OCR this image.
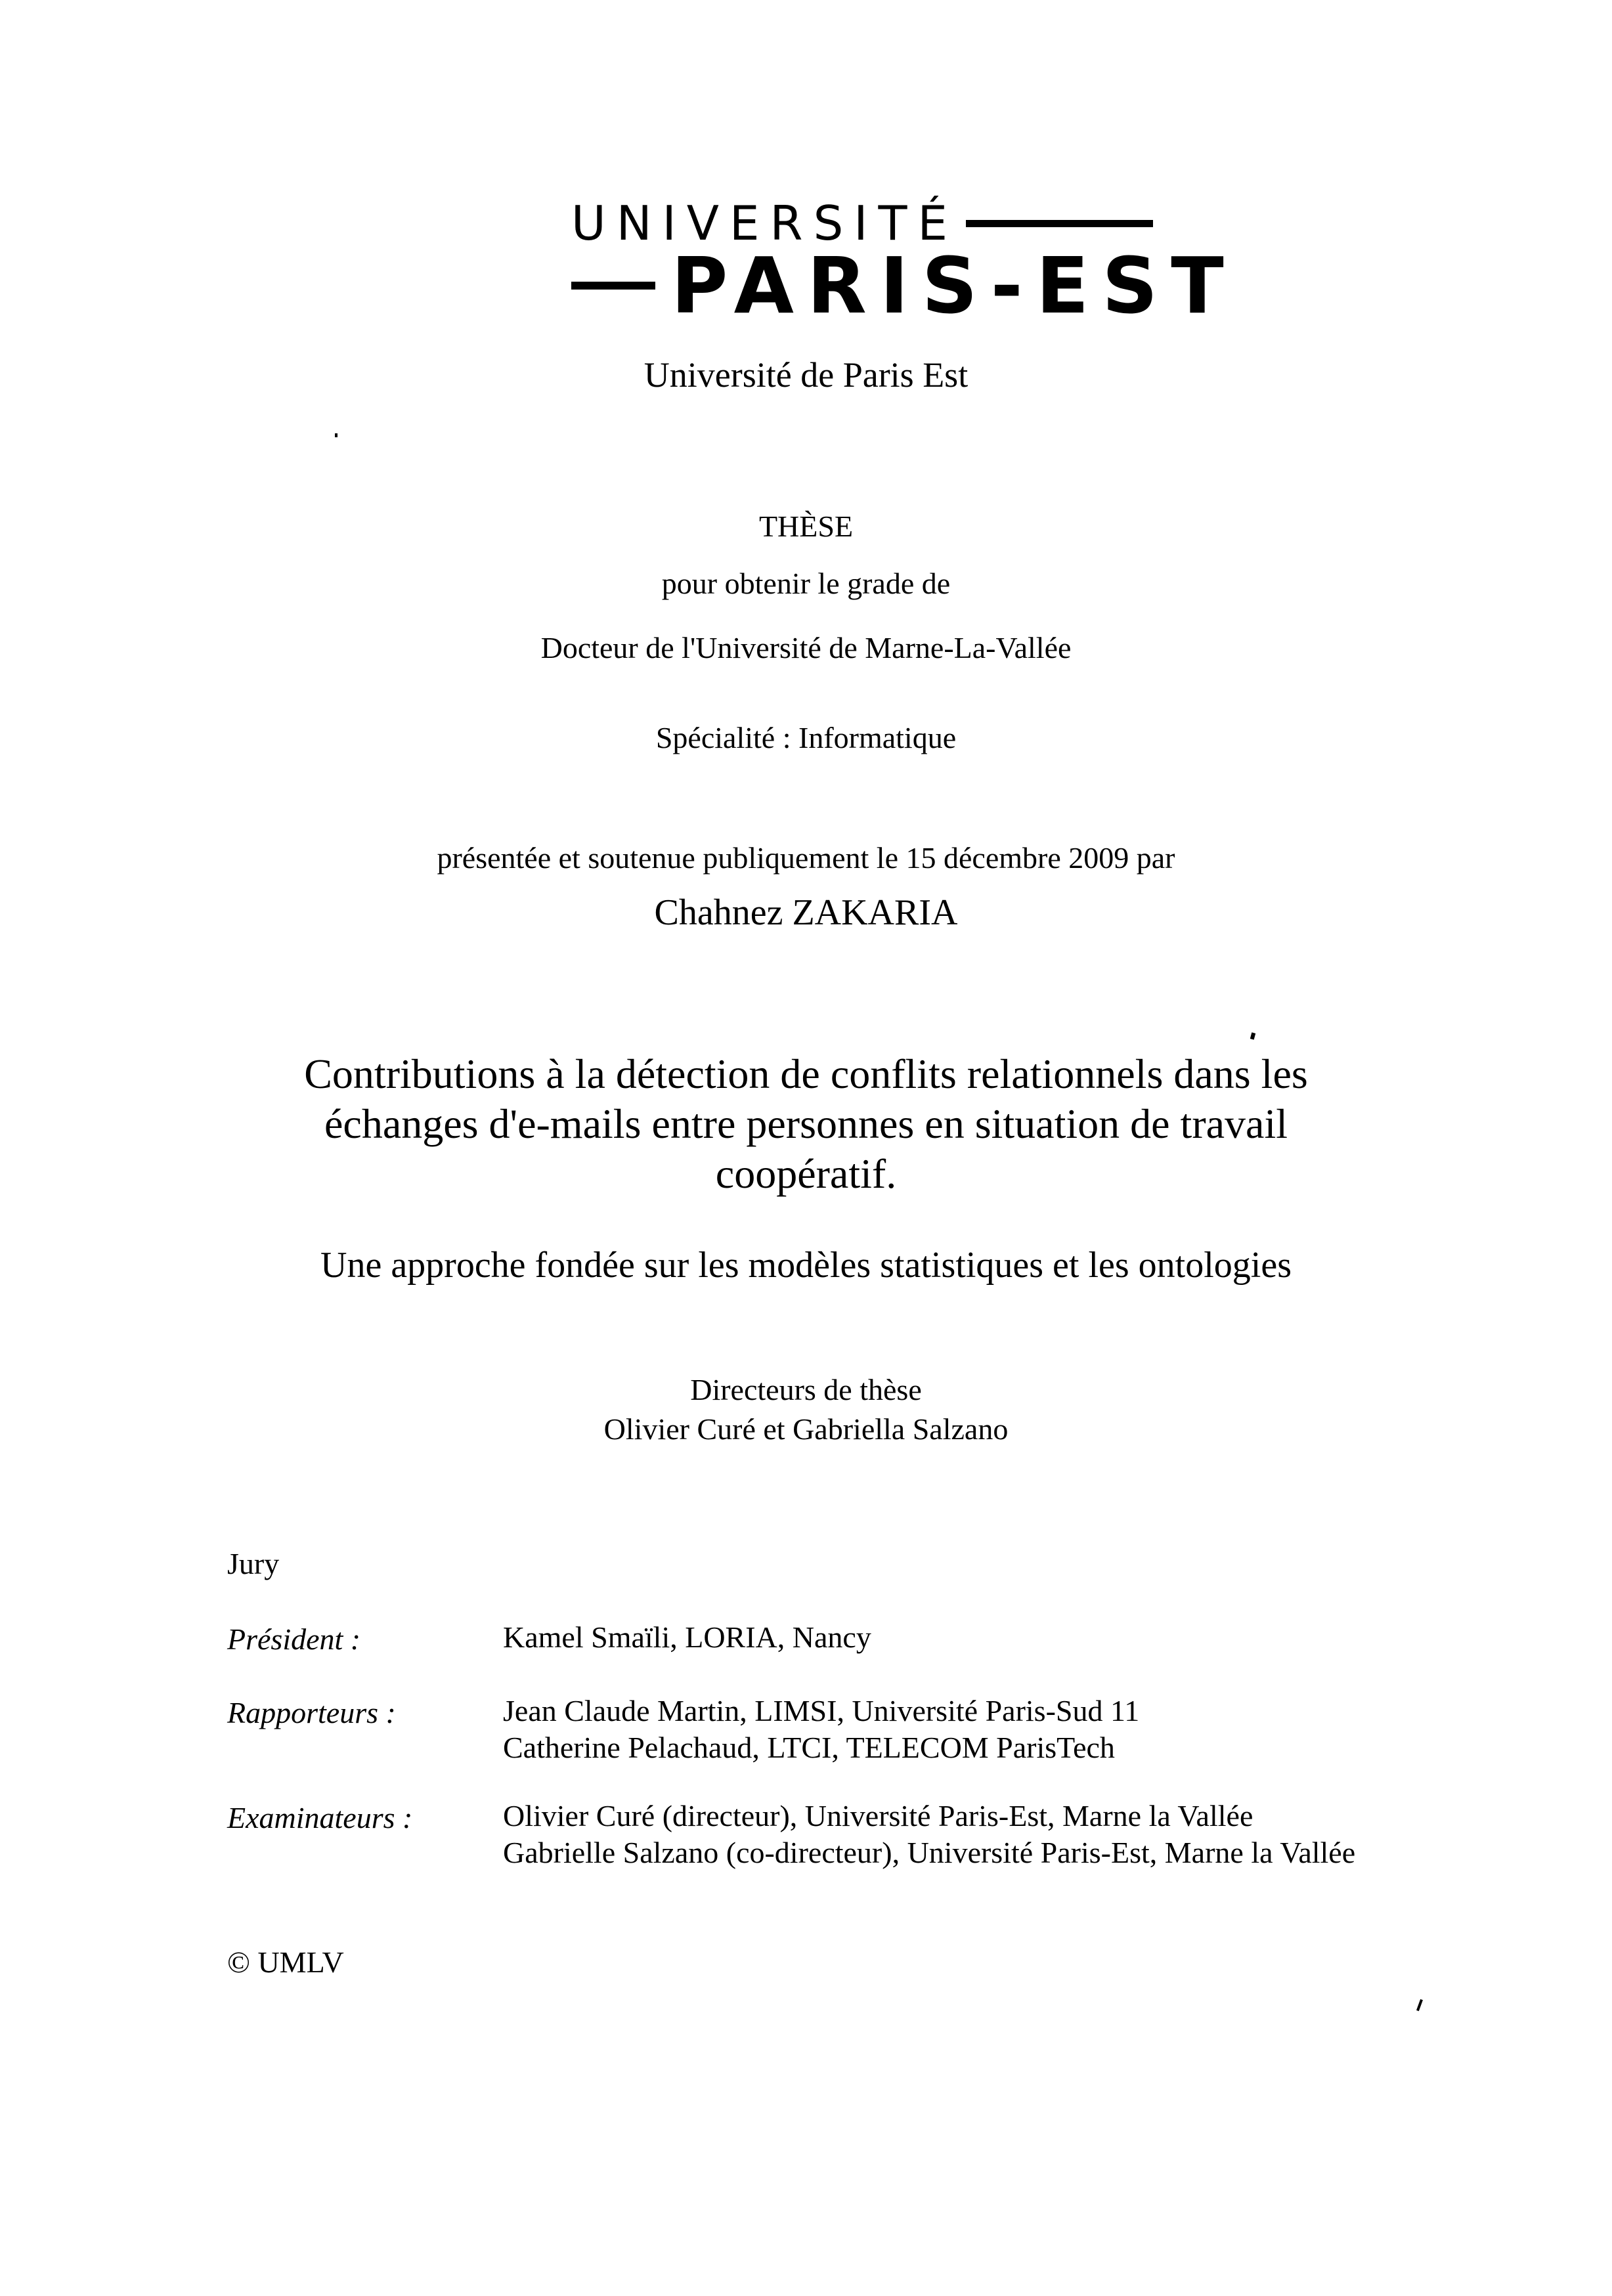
UNIVERSITÉ
PARIS-EST
Université de Paris Est
THÈSE
pour obtenir le grade de
Docteur de l'Université de Marne-La-Vallée
Spécialité : Informatique
présentée et soutenue publiquement le 15 décembre 2009 par
Chahnez ZAKARIA
Contributions à la détection de conflits relationnels dans les
échanges d'e-mails entre personnes en situation de travail
coopératif.
Une approche fondée sur les modèles statistiques et les ontologies
Directeurs de thèse
Olivier Curé et Gabriella Salzano
Jury
Président :	Kamel Smaïli, LORIA, Nancy
Rapporteurs :	Jean Claude Martin, LIMSI, Université Paris-Sud 11
Catherine Pelachaud, LTCI, TELECOM ParisTech
Examinateurs :	Olivier Curé (directeur), Université Paris-Est, Marne la Vallée
Gabrielle Salzano (co-directeur), Université Paris-Est, Marne la Vallée
© UMLV
